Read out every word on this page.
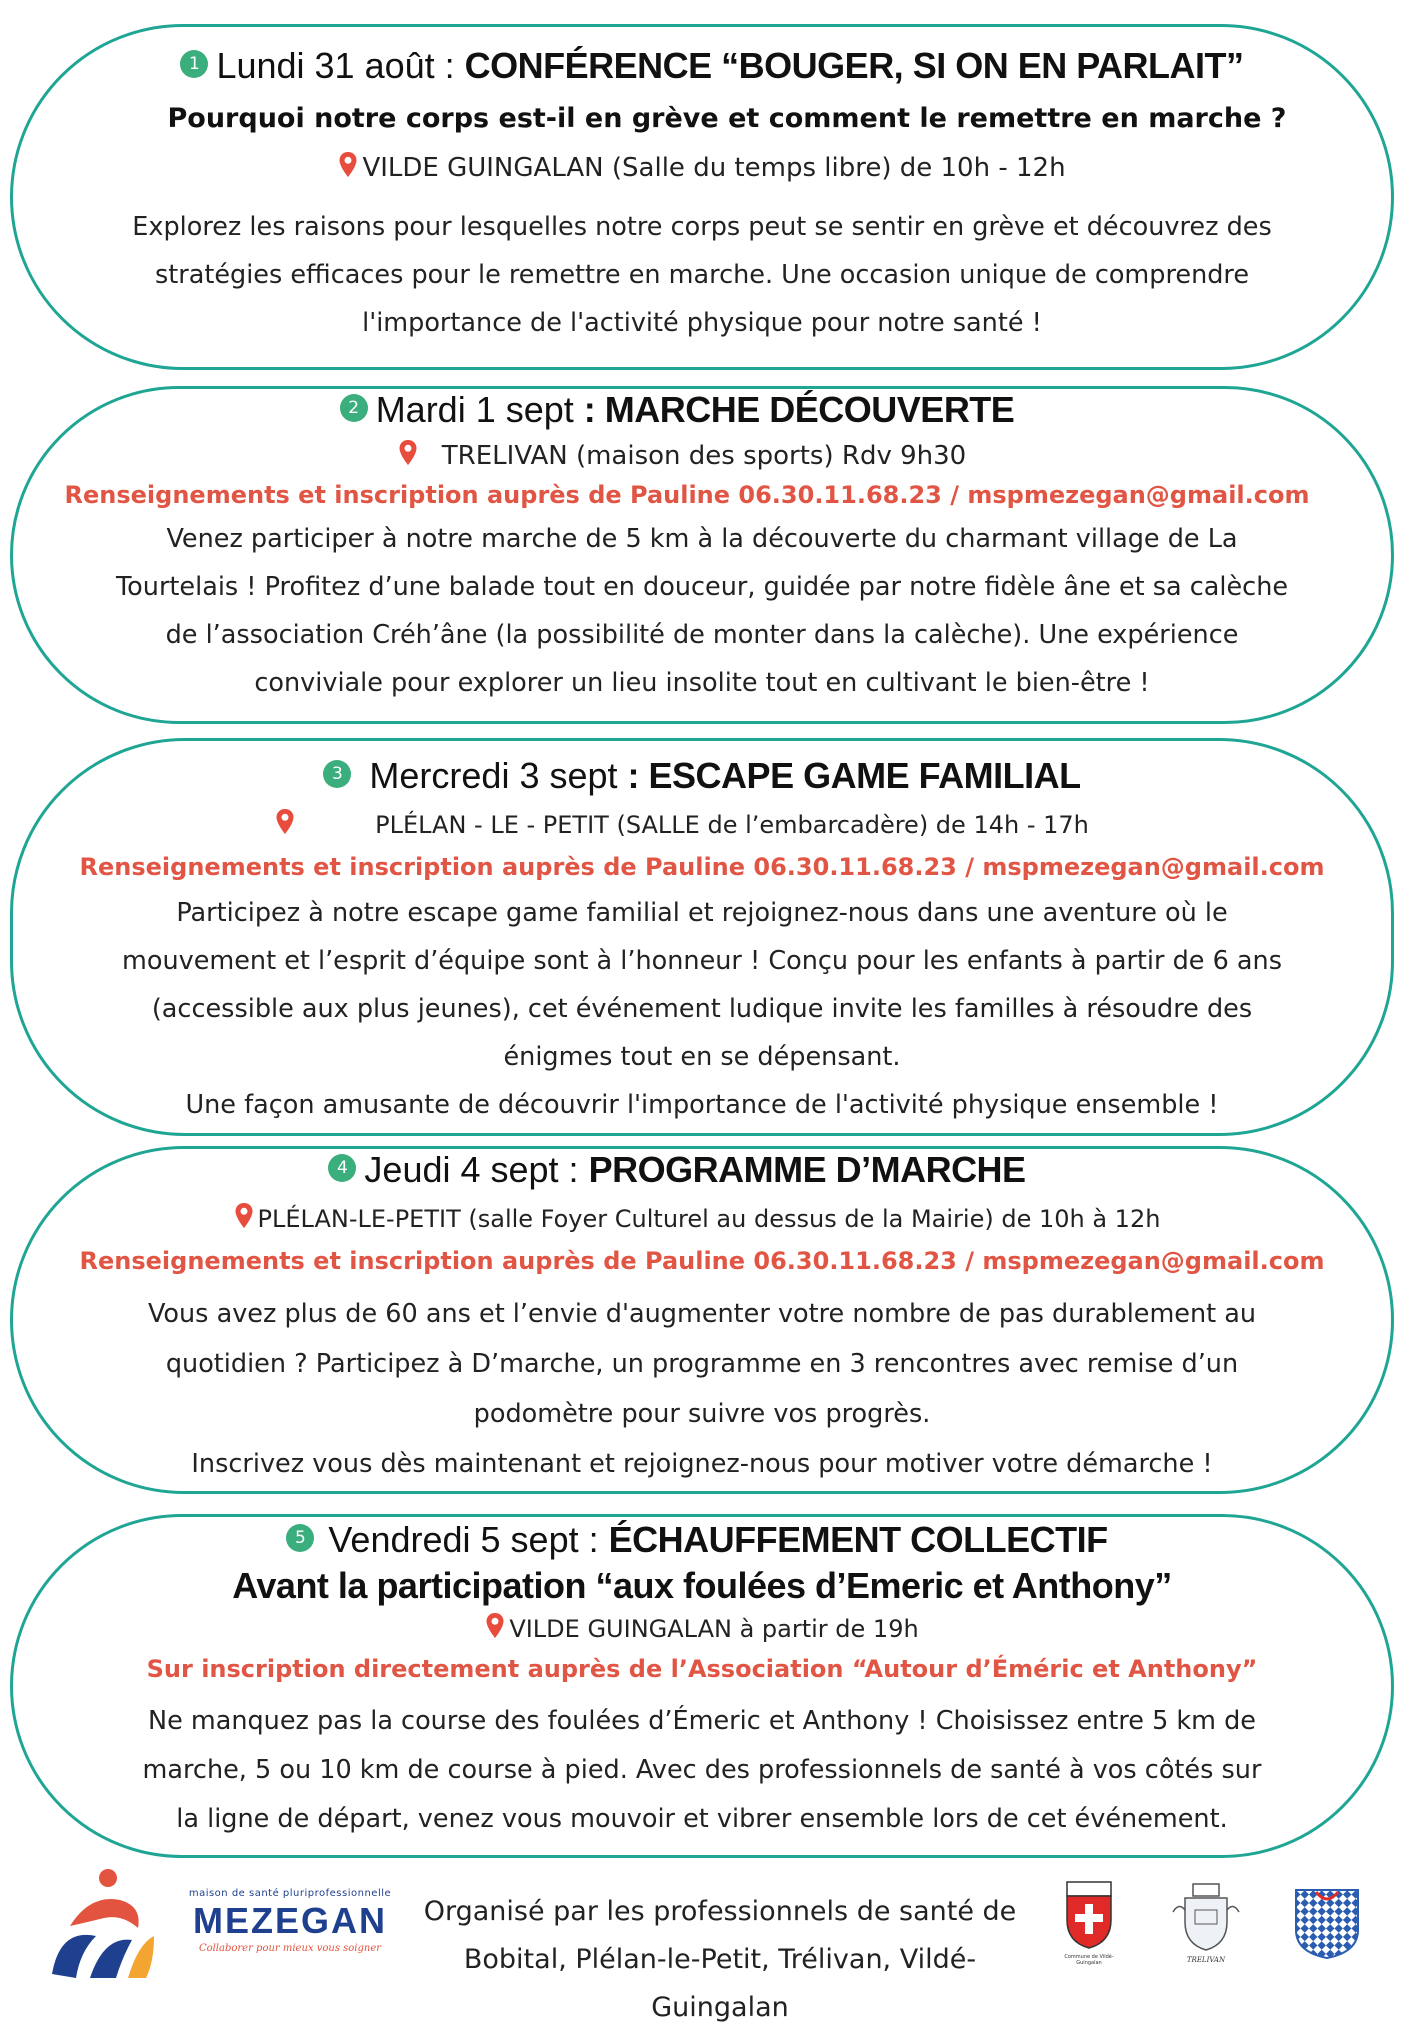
1 Lundi 31 août : CONFÉRENCE “BOUGER, SI ON EN PARLAIT”
Pourquoi notre corps est-il en grève et comment le remettre en marche ?
VILDE GUINGALAN (Salle du temps libre) de 10h - 12h
Explorez les raisons pour lesquelles notre corps peut se sentir en grève et découvrez des
stratégies efficaces pour le remettre en marche. Une occasion unique de comprendre
l'importance de l'activité physique pour notre santé !
2 Mardi 1 sept : MARCHE DÉCOUVERTE
TRELIVAN (maison des sports) Rdv 9h30
Renseignements et inscription auprès de Pauline 06.30.11.68.23 / mspmezegan@gmail.com
Venez participer à notre marche de 5 km à la découverte du charmant village de La
Tourtelais ! Profitez d’une balade tout en douceur, guidée par notre fidèle âne et sa calèche
de l’association Créh’âne (la possibilité de monter dans la calèche). Une expérience
conviviale pour explorer un lieu insolite tout en cultivant le bien-être !
3 Mercredi 3 sept : ESCAPE GAME FAMILIAL
PLÉLAN - LE - PETIT (SALLE de l’embarcadère) de 14h - 17h
Renseignements et inscription auprès de Pauline 06.30.11.68.23 / mspmezegan@gmail.com
Participez à notre escape game familial et rejoignez-nous dans une aventure où le
mouvement et l’esprit d’équipe sont à l’honneur ! Conçu pour les enfants à partir de 6 ans
(accessible aux plus jeunes), cet événement ludique invite les familles à résoudre des
énigmes tout en se dépensant.
Une façon amusante de découvrir l'importance de l'activité physique ensemble !
4 Jeudi 4 sept : PROGRAMME D’MARCHE
PLÉLAN-LE-PETIT (salle Foyer Culturel au dessus de la Mairie) de 10h à 12h
Renseignements et inscription auprès de Pauline 06.30.11.68.23 / mspmezegan@gmail.com
Vous avez plus de 60 ans et l’envie d'augmenter votre nombre de pas durablement au
quotidien ? Participez à D’marche, un programme en 3 rencontres avec remise d’un
podomètre pour suivre vos progrès.
Inscrivez vous dès maintenant et rejoignez-nous pour motiver votre démarche !
5 Vendredi 5 sept : ÉCHAUFFEMENT COLLECTIF
Avant la participation “aux foulées d’Emeric et Anthony”
VILDE GUINGALAN à partir de 19h
Sur inscription directement auprès de l’Association “Autour d’Éméric et Anthony”
Ne manquez pas la course des foulées d’Émeric et Anthony ! Choisissez entre 5 km de
marche, 5 ou 10 km de course à pied. Avec des professionnels de santé à vos côtés sur
la ligne de départ, venez vous mouvoir et vibrer ensemble lors de cet événement.
maison de santé pluriprofessionnelle
MEZEGAN
Collaborer pour mieux vous soigner
Organisé par les professionnels de santé de
Bobital, Plélan-le-Petit, Trélivan, Vildé-Guingalan
Commune de Vildé-Guingalan	TRELIVAN
